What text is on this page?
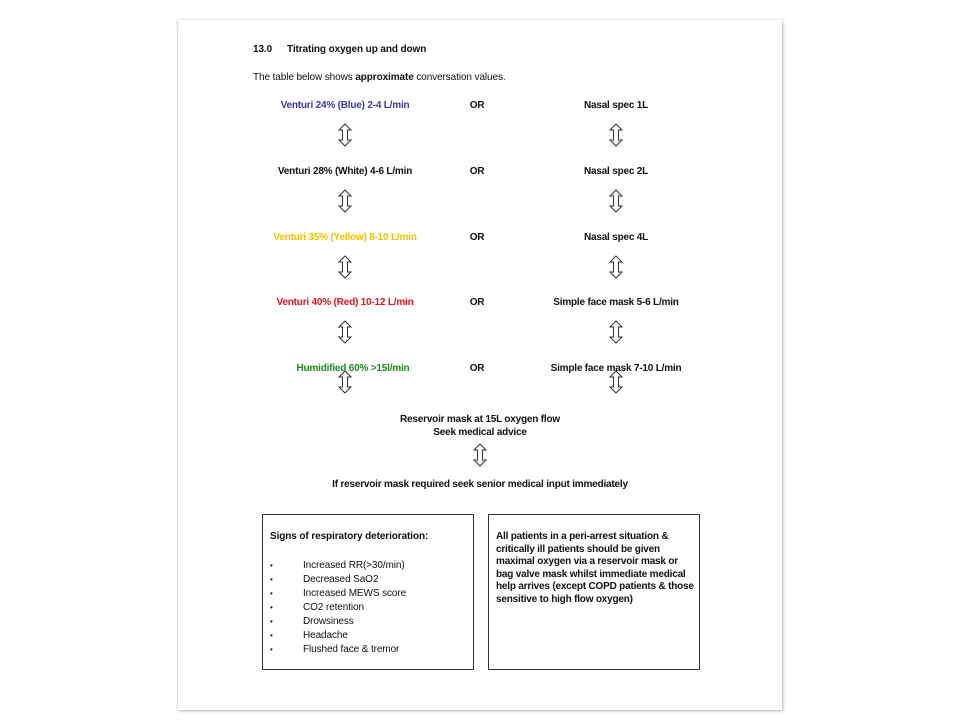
13.0 Titrating oxygen up and down
The table below shows approximate conversation values.
Venturi 24% (Blue) 2-4 L/min	OR	Nasal spec 1L
Venturi 28% (White) 4-6 L/min	OR	Nasal spec 2L
Venturi 35% (Yellow) 8-10 L/min	OR	Nasal spec 4L
Venturi 40% (Red) 10-12 L/min	OR	Simple face mask 5-6 L/min
Humidified 60% >15l/min	OR	Simple face mask 7-10 L/min
Reservoir mask at 15L oxygen flow
Seek medical advice
If reservoir mask required seek senior medical input immediately
Signs of respiratory deterioration:
•	Increased RR(>30/min)
•	Decreased SaO2
•	Increased MEWS score
•	CO2 retention
•	Drowsiness
•	Headache
•	Flushed face & tremor
All patients in a peri-arrest situation & critically ill patients should be given maximal oxygen via a reservoir mask or bag valve mask whilst immediate medical help arrives (except COPD patients & those sensitive to high flow oxygen)
